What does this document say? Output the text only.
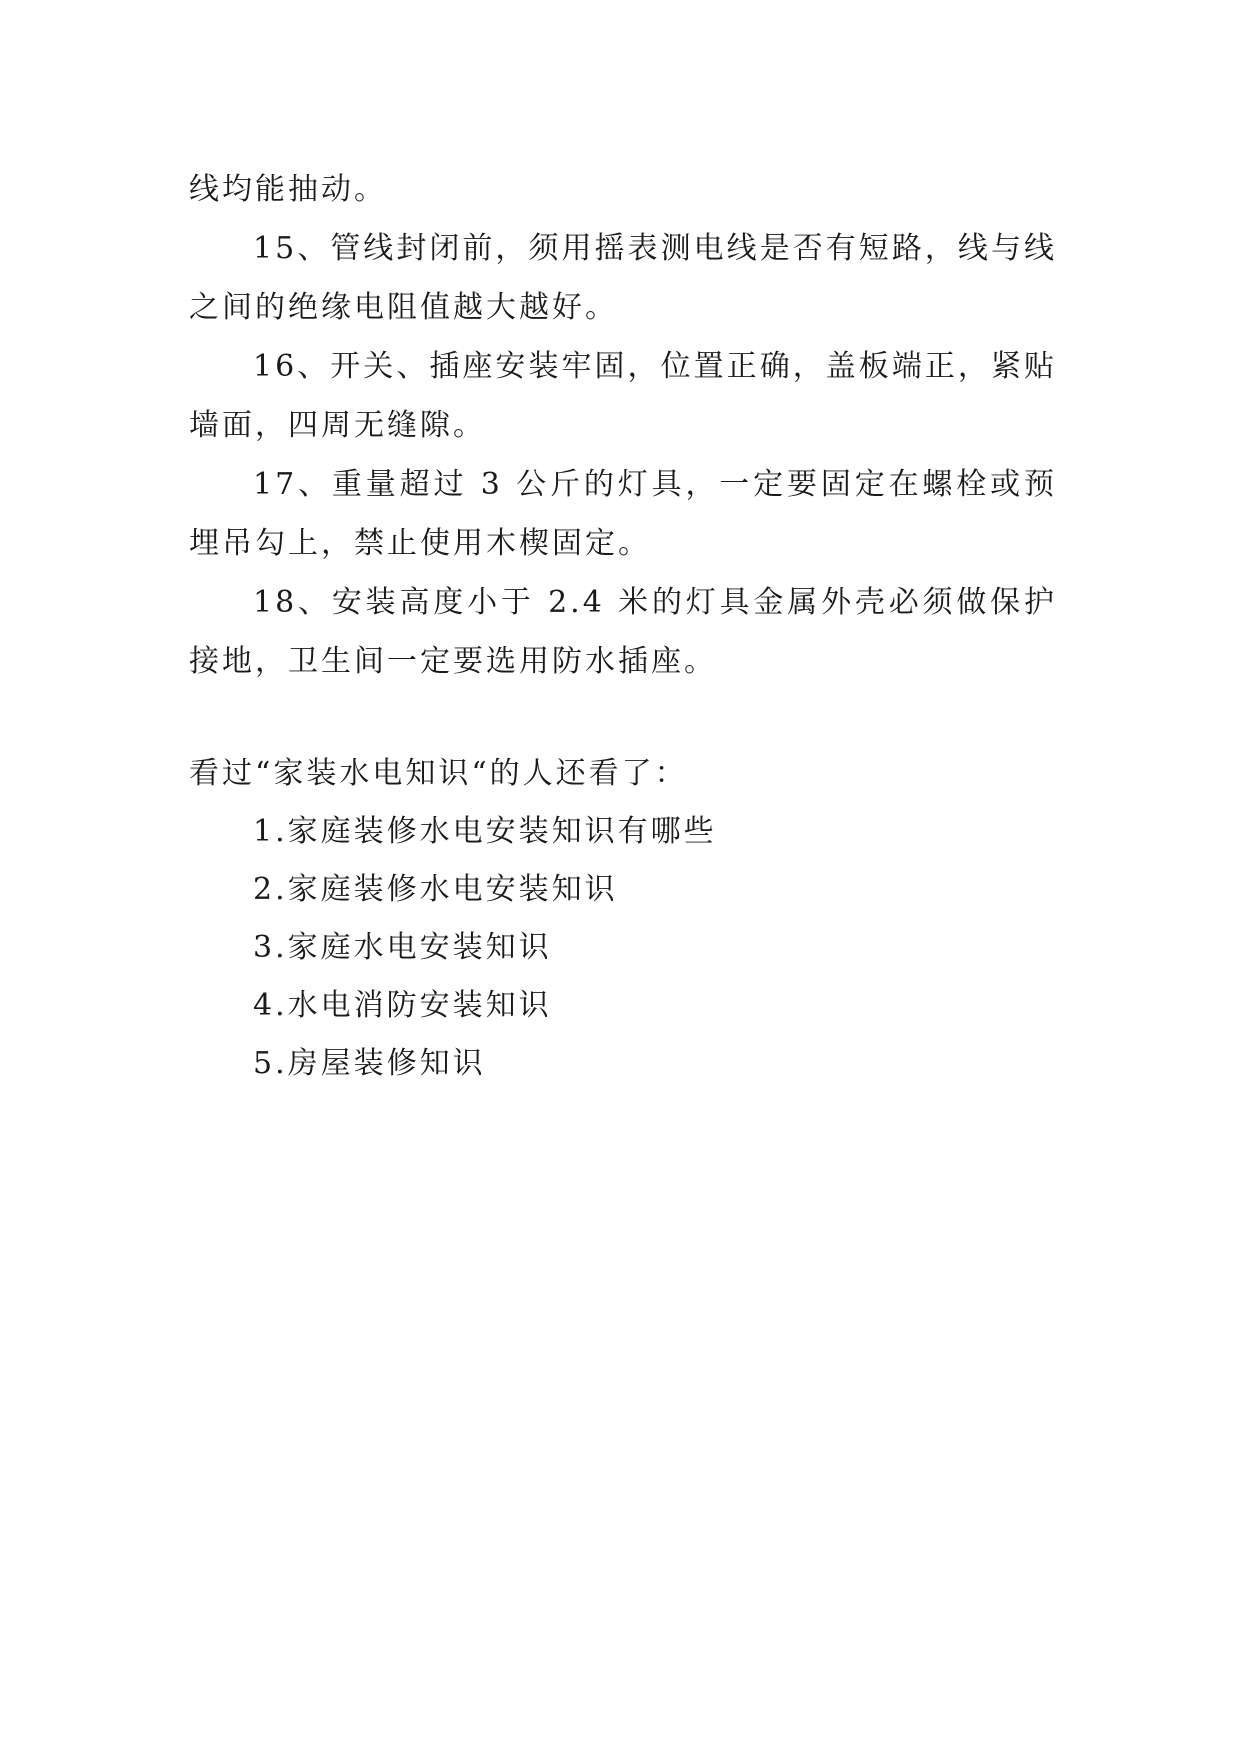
线均能抽动。

15、管线封闭前，须用摇表测电线是否有短路，线与线之间的绝缘电阻值越大越好。

16、开关、插座安装牢固，位置正确，盖板端正，紧贴墙面，四周无缝隙。

17、重量超过 3 公斤的灯具，一定要固定在螺栓或预埋吊勾上，禁止使用木楔固定。

18、安装高度小于 2.4 米的灯具金属外壳必须做保护接地，卫生间一定要选用防水插座。

看过“家装水电知识“的人还看了：

1.家庭装修水电安装知识有哪些
2.家庭装修水电安装知识
3.家庭水电安装知识
4.水电消防安装知识
5.房屋装修知识
